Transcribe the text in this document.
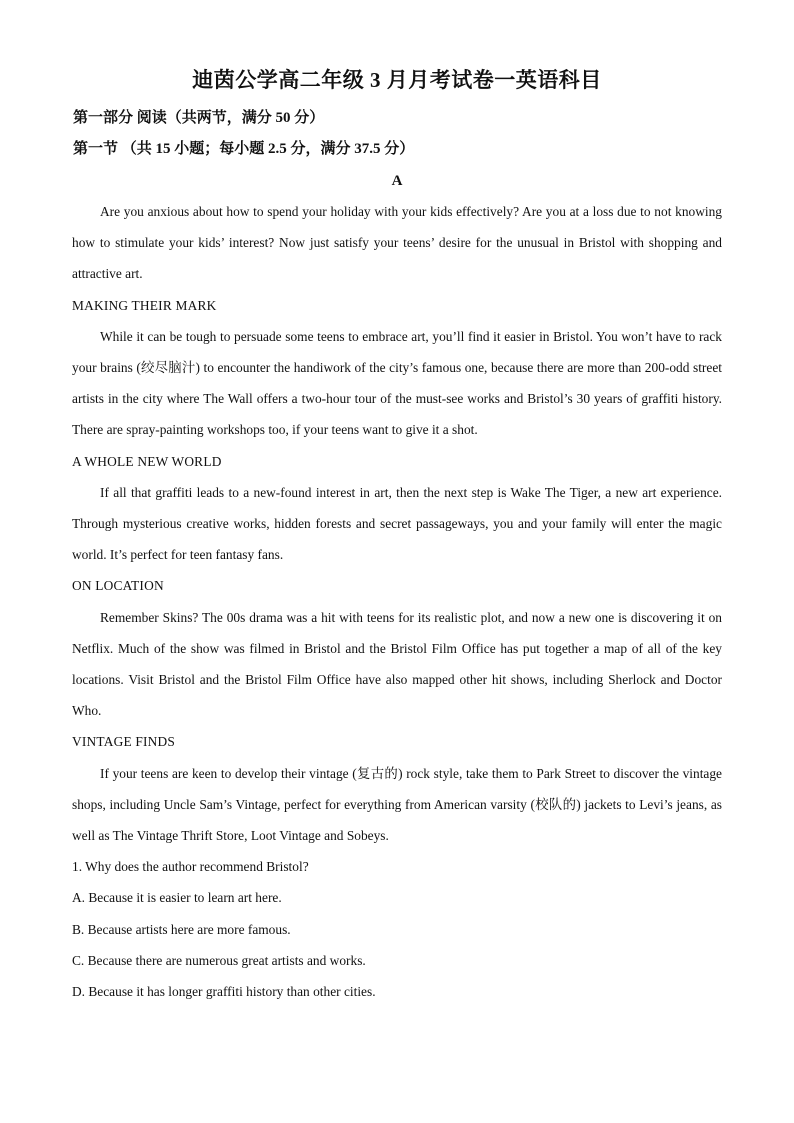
迪茵公学高二年级 3 月月考试卷一英语科目
第一部分 阅读（共两节，满分 50 分）
第一节 （共 15 小题；每小题 2.5 分，满分 37.5 分）
A

Are you anxious about how to spend your holiday with your kids effectively? Are you at a loss due to not knowing how to stimulate your kids’ interest? Now just satisfy your teens’ desire for the unusual in Bristol with shopping and attractive art.

MAKING THEIR MARK

While it can be tough to persuade some teens to embrace art, you’ll find it easier in Bristol. You won’t have to rack your brains (绞尽脑汁) to encounter the handiwork of the city’s famous one, because there are more than 200-odd street artists in the city where The Wall offers a two-hour tour of the must-see works and Bristol’s 30 years of graffiti history. There are spray-painting workshops too, if your teens want to give it a shot.

A WHOLE NEW WORLD

If all that graffiti leads to a new-found interest in art, then the next step is Wake The Tiger, a new art experience. Through mysterious creative works, hidden forests and secret passageways, you and your family will enter the magic world. It’s perfect for teen fantasy fans.

ON LOCATION

Remember Skins? The 00s drama was a hit with teens for its realistic plot, and now a new one is discovering it on Netflix. Much of the show was filmed in Bristol and the Bristol Film Office has put together a map of all of the key locations. Visit Bristol and the Bristol Film Office have also mapped other hit shows, including Sherlock and Doctor Who.

VINTAGE FINDS

If your teens are keen to develop their vintage (复古的) rock style, take them to Park Street to discover the vintage shops, including Uncle Sam’s Vintage, perfect for everything from American varsity (校队的) jackets to Levi’s jeans, as well as The Vintage Thrift Store, Loot Vintage and Sobeys.

1. Why does the author recommend Bristol?

A. Because it is easier to learn art here.

B. Because artists here are more famous.

C. Because there are numerous great artists and works.

D. Because it has longer graffiti history than other cities.
